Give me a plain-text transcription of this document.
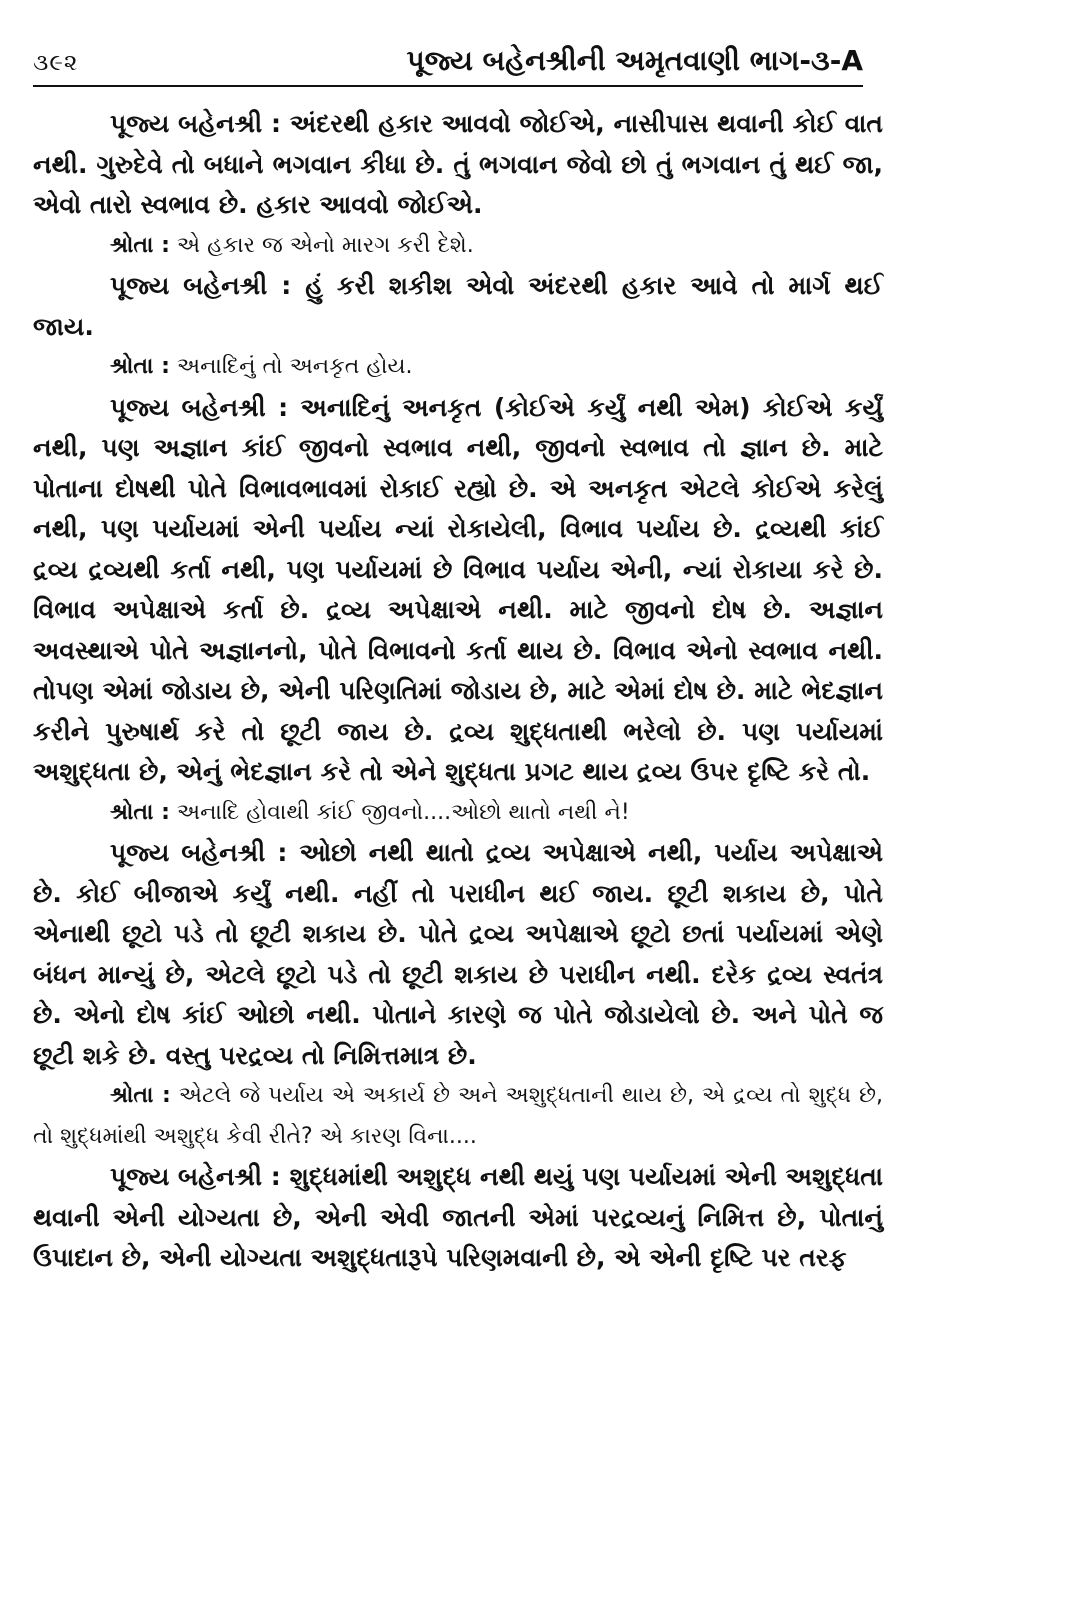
૩૯૨	પૂજ્ય બહેનશ્રીની અમૃતવાણી ભાગ-૩-A

પૂજ્ય બહેનશ્રી : અંદરથી હકાર આવવો જોઈએ, નાસીપાસ થવાની કોઈ વાત નથી. ગુરુદેવે તો બધાને ભગવાન કીધા છે. તું ભગવાન જેવો છો તું ભગવાન તું થઈ જા, એવો તારો સ્વભાવ છે. હકાર આવવો જોઈએ.

શ્રોતા : એ હકાર જ એનો મારગ કરી દેશે.

પૂજ્ય બહેનશ્રી : હું કરી શકીશ એવો અંદરથી હકાર આવે તો માર્ગ થઈ જાય.

શ્રોતા : અનાદિનું તો અનકૃત હોય.

પૂજ્ય બહેનશ્રી : અનાદિનું અનકૃત (કોઈએ કર્યું નથી એમ) કોઈએ કર્યું નથી, પણ અજ્ઞાન કાંઈ જીવનો સ્વભાવ નથી, જીવનો સ્વભાવ તો જ્ઞાન છે. માટે પોતાના દોષથી પોતે વિભાવભાવમાં રોકાઈ રહ્યો છે. એ અનકૃત એટલે કોઈએ કરેલું નથી, પણ પર્યાયમાં એની પર્યાય ન્યાં રોકાયેલી, વિભાવ પર્યાય છે. દ્રવ્યથી કાંઈ દ્રવ્ય દ્રવ્યથી કર્તા નથી, પણ પર્યાયમાં છે વિભાવ પર્યાય એની, ન્યાં રોકાયા કરે છે. વિભાવ અપેક્ષાએ કર્તા છે. દ્રવ્ય અપેક્ષાએ નથી. માટે જીવનો દોષ છે. અજ્ઞાન અવસ્થાએ પોતે અજ્ઞાનનો, પોતે વિભાવનો કર્તા થાય છે. વિભાવ એનો સ્વભાવ નથી. તોપણ એમાં જોડાય છે, એની પરિણતિમાં જોડાય છે, માટે એમાં દોષ છે. માટે ભેદજ્ઞાન કરીને પુરુષાર્થ કરે તો છૂટી જાય છે. દ્રવ્ય શુદ્ધતાથી ભરેલો છે. પણ પર્યાયમાં અશુદ્ધતા છે, એનું ભેદજ્ઞાન કરે તો એને શુદ્ધતા પ્રગટ થાય દ્રવ્ય ઉપર દૃષ્ટિ કરે તો.

શ્રોતા : અનાદિ હોવાથી કાંઈ જીવનો....ઓછો થાતો નથી ને!

પૂજ્ય બહેનશ્રી : ઓછો નથી થાતો દ્રવ્ય અપેક્ષાએ નથી, પર્યાય અપેક્ષાએ છે. કોઈ બીજાએ કર્યું નથી. નહીં તો પરાધીન થઈ જાય. છૂટી શકાય છે, પોતે એનાથી છૂટો પડે તો છૂટી શકાય છે. પોતે દ્રવ્ય અપેક્ષાએ છૂટો છતાં પર્યાયમાં એણે બંધન માન્યું છે, એટલે છૂટો પડે તો છૂટી શકાય છે પરાધીન નથી. દરેક દ્રવ્ય સ્વતંત્ર છે. એનો દોષ કાંઈ ઓછો નથી. પોતાને કારણે જ પોતે જોડાયેલો છે. અને પોતે જ છૂટી શકે છે. વસ્તુ પરદ્રવ્ય તો નિમિત્તમાત્ર છે.

શ્રોતા : એટલે જે પર્યાય એ અકાર્ય છે અને અશુદ્ધતાની થાય છે, એ દ્રવ્ય તો શુદ્ધ છે, તો શુદ્ધમાંથી અશુદ્ધ કેવી રીતે? એ કારણ વિના....

પૂજ્ય બહેનશ્રી : શુદ્ધમાંથી અશુદ્ધ નથી થયું પણ પર્યાયમાં એની અશુદ્ધતા થવાની એની યોગ્યતા છે, એની એવી જાતની એમાં પરદ્રવ્યનું નિમિત્ત છે, પોતાનું ઉપાદાન છે, એની યોગ્યતા અશુદ્ધતારૂપે પરિણમવાની છે, એ એની દૃષ્ટિ પર તરફ
